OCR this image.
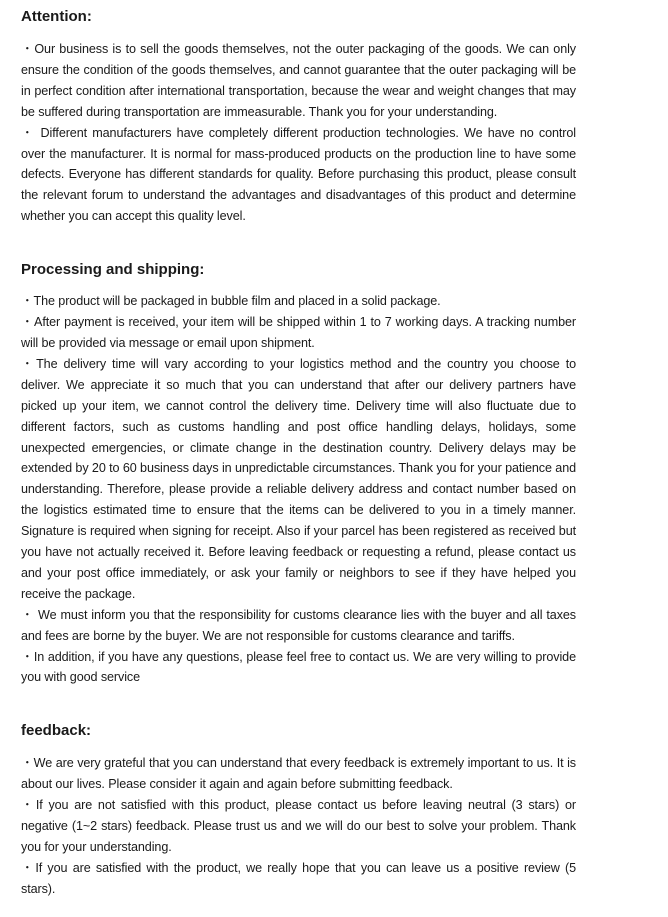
Attention:

・Our business is to sell the goods themselves, not the outer packaging of the goods. We can only ensure the condition of the goods themselves, and cannot guarantee that the outer packaging will be in perfect condition after international transportation, because the wear and weight changes that may be suffered during transportation are immeasurable. Thank you for your understanding.

・ Different manufacturers have completely different production technologies. We have no control over the manufacturer. It is normal for mass-produced products on the production line to have some defects. Everyone has different standards for quality. Before purchasing this product, please consult the relevant forum to understand the advantages and disadvantages of this product and determine whether you can accept this quality level.

Processing and shipping:

・The product will be packaged in bubble film and placed in a solid package.

・After payment is received, your item will be shipped within 1 to 7 working days. A tracking number will be provided via message or email upon shipment.

・The delivery time will vary according to your logistics method and the country you choose to deliver. We appreciate it so much that you can understand that after our delivery partners have picked up your item, we cannot control the delivery time. Delivery time will also fluctuate due to different factors, such as customs handling and post office handling delays, holidays, some unexpected emergencies, or climate change in the destination country. Delivery delays may be extended by 20 to 60 business days in unpredictable circumstances. Thank you for your patience and understanding. Therefore, please provide a reliable delivery address and contact number based on the logistics estimated time to ensure that the items can be delivered to you in a timely manner. Signature is required when signing for receipt. Also if your parcel has been registered as received but you have not actually received it. Before leaving feedback or requesting a refund, please contact us and your post office immediately, or ask your family or neighbors to see if they have helped you receive the package.

・ We must inform you that the responsibility for customs clearance lies with the buyer and all taxes and fees are borne by the buyer. We are not responsible for customs clearance and tariffs.

・In addition, if you have any questions, please feel free to contact us. We are very willing to provide you with good service

feedback:

・We are very grateful that you can understand that every feedback is extremely important to us. It is about our lives. Please consider it again and again before submitting feedback.

・If you are not satisfied with this product, please contact us before leaving neutral (3 stars) or negative (1~2 stars) feedback. Please trust us and we will do our best to solve your problem. Thank you for your understanding.

・If you are satisfied with the product, we really hope that you can leave us a positive review (5 stars).
